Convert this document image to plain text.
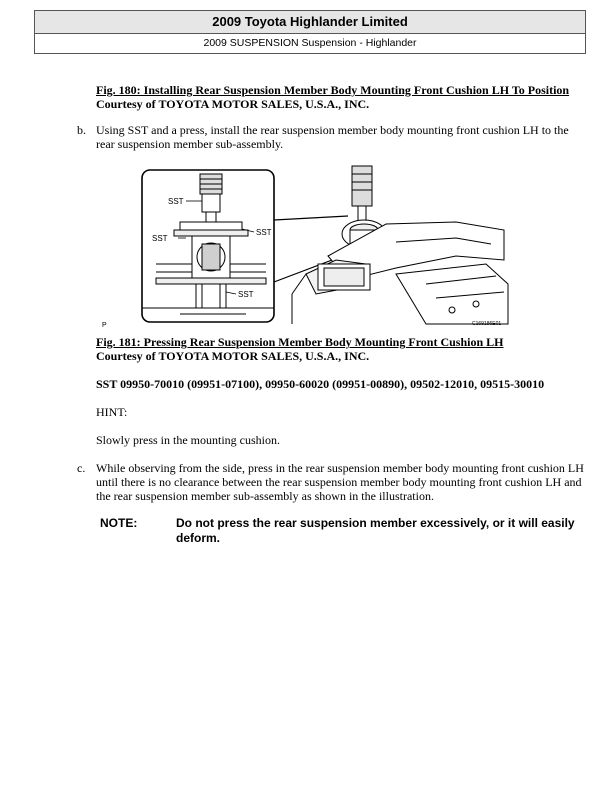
2009 Toyota Highlander Limited
2009 SUSPENSION Suspension - Highlander
Fig. 180: Installing Rear Suspension Member Body Mounting Front Cushion LH To Position
Courtesy of TOYOTA MOTOR SALES, U.S.A., INC.
b. Using SST and a press, install the rear suspension member body mounting front cushion LH to the rear suspension member sub-assembly.
SST
SST
SST
SST
P	C169186E01
Fig. 181: Pressing Rear Suspension Member Body Mounting Front Cushion LH
Courtesy of TOYOTA MOTOR SALES, U.S.A., INC.
SST 09950-70010 (09951-07100), 09950-60020 (09951-00890), 09502-12010, 09515-30010
HINT:
Slowly press in the mounting cushion.
c. While observing from the side, press in the rear suspension member body mounting front cushion LH until there is no clearance between the rear suspension member body mounting front cushion LH and the rear suspension member sub-assembly as shown in the illustration.
NOTE:	Do not press the rear suspension member excessively, or it will easily deform.
